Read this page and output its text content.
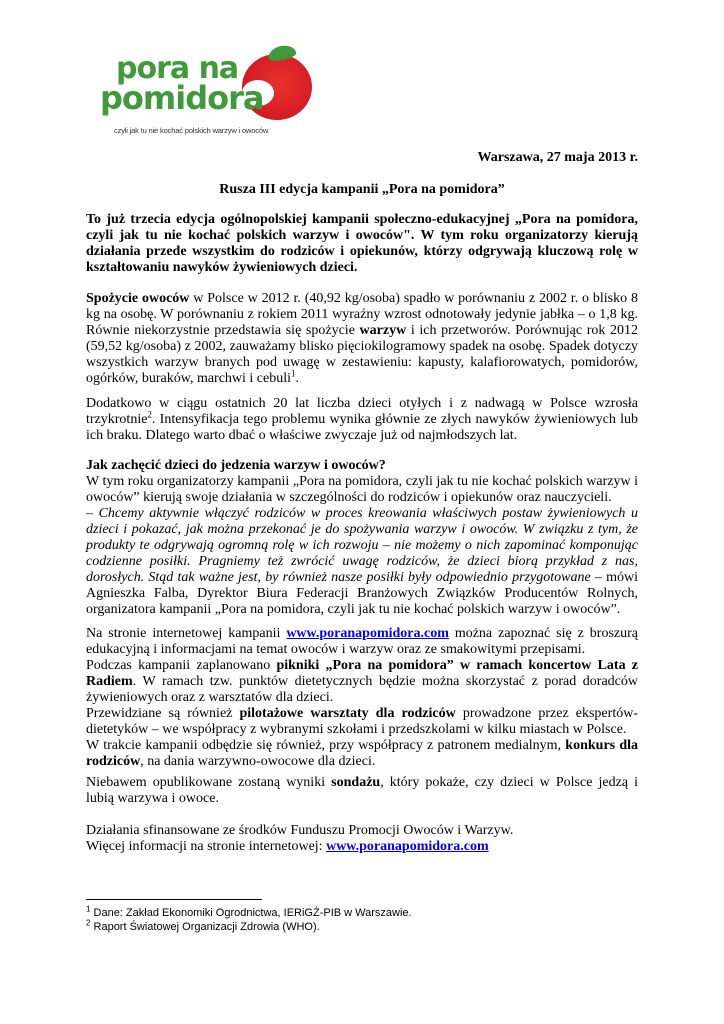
pora na
pomidora
czyli jak tu nie kochać polskich warzyw i owoców.
Warszawa, 27 maja 2013 r.
Rusza III edycja kampanii „Pora na pomidora”

To już trzecia edycja ogólnopolskiej kampanii społeczno-edukacyjnej „Pora na pomidora, czyli jak tu nie kochać polskich warzyw i owoców". W tym roku organizatorzy kierują działania przede wszystkim do rodziców i opiekunów, którzy odgrywają kluczową rolę w kształtowaniu nawyków żywieniowych dzieci.

Spożycie owoców w Polsce w 2012 r. (40,92 kg/osoba) spadło w porównaniu z 2002 r. o blisko 8 kg na osobę. W porównaniu z rokiem 2011 wyraźny wzrost odnotowały jedynie jabłka – o 1,8 kg. Równie niekorzystnie przedstawia się spożycie warzyw i ich przetworów. Porównując rok 2012 (59,52 kg/osoba) z 2002, zauważamy blisko pięciokilogramowy spadek na osobę. Spadek dotyczy wszystkich warzyw branych pod uwagę w zestawieniu: kapusty, kalafiorowatych, pomidorów, ogórków, buraków, marchwi i cebuli$^1$.

Dodatkowo w ciągu ostatnich 20 lat liczba dzieci otyłych i z nadwagą w Polsce wzrosła trzykrotnie$^2$. Intensyfikacja tego problemu wynika głównie ze złych nawyków żywieniowych lub ich braku. Dlatego warto dbać o właściwe zwyczaje już od najmłodszych lat.

Jak zachęcić dzieci do jedzenia warzyw i owoców?

W tym roku organizatorzy kampanii „Pora na pomidora, czyli jak tu nie kochać polskich warzyw i owoców” kierują swoje działania w szczególności do rodziców i opiekunów oraz nauczycieli.
– Chcemy aktywnie włączyć rodziców w proces kreowania właściwych postaw żywieniowych u dzieci i pokazać, jak można przekonać je do spożywania warzyw i owoców. W związku z tym, że produkty te odgrywają ogromną rolę w ich rozwoju – nie możemy o nich zapominać komponując codzienne posiłki. Pragniemy też zwrócić uwagę rodziców, że dzieci biorą przykład z nas, dorosłych. Stąd tak ważne jest, by również nasze posiłki były odpowiednio przygotowane – mówi Agnieszka Falba, Dyrektor Biura Federacji Branżowych Związków Producentów Rolnych, organizatora kampanii „Pora na pomidora, czyli jak tu nie kochać polskich warzyw i owoców”.

Na stronie internetowej kampanii www.poranapomidora.com można zapoznać się z broszurą edukacyjną i informacjami na temat owoców i warzyw oraz ze smakowitymi przepisami.

Podczas kampanii zaplanowano pikniki „Pora na pomidora” w ramach koncertow Lata z Radiem. W ramach tzw. punktów dietetycznych będzie można skorzystać z porad doradców żywieniowych oraz z warsztatów dla dzieci.

Przewidziane są również pilotażowe warsztaty dla rodziców prowadzone przez ekspertów-dietetyków – we współpracy z wybranymi szkołami i przedszkolami w kilku miastach w Polsce.

W trakcie kampanii odbędzie się również, przy współpracy z patronem medialnym, konkurs dla rodziców, na dania warzywno-owocowe dla dzieci.

Niebawem opublikowane zostaną wyniki sondażu, który pokaże, czy dzieci w Polsce jedzą i lubią warzywa i owoce.

Działania sfinansowane ze środków Funduszu Promocji Owoców i Warzyw.

Więcej informacji na stronie internetowej: www.poranapomidora.com

$^1$ Dane: Zakład Ekonomiki Ogrodnictwa, IERiGŻ-PIB w Warszawie.
$^2$ Raport Światowej Organizacji Zdrowia (WHO).
